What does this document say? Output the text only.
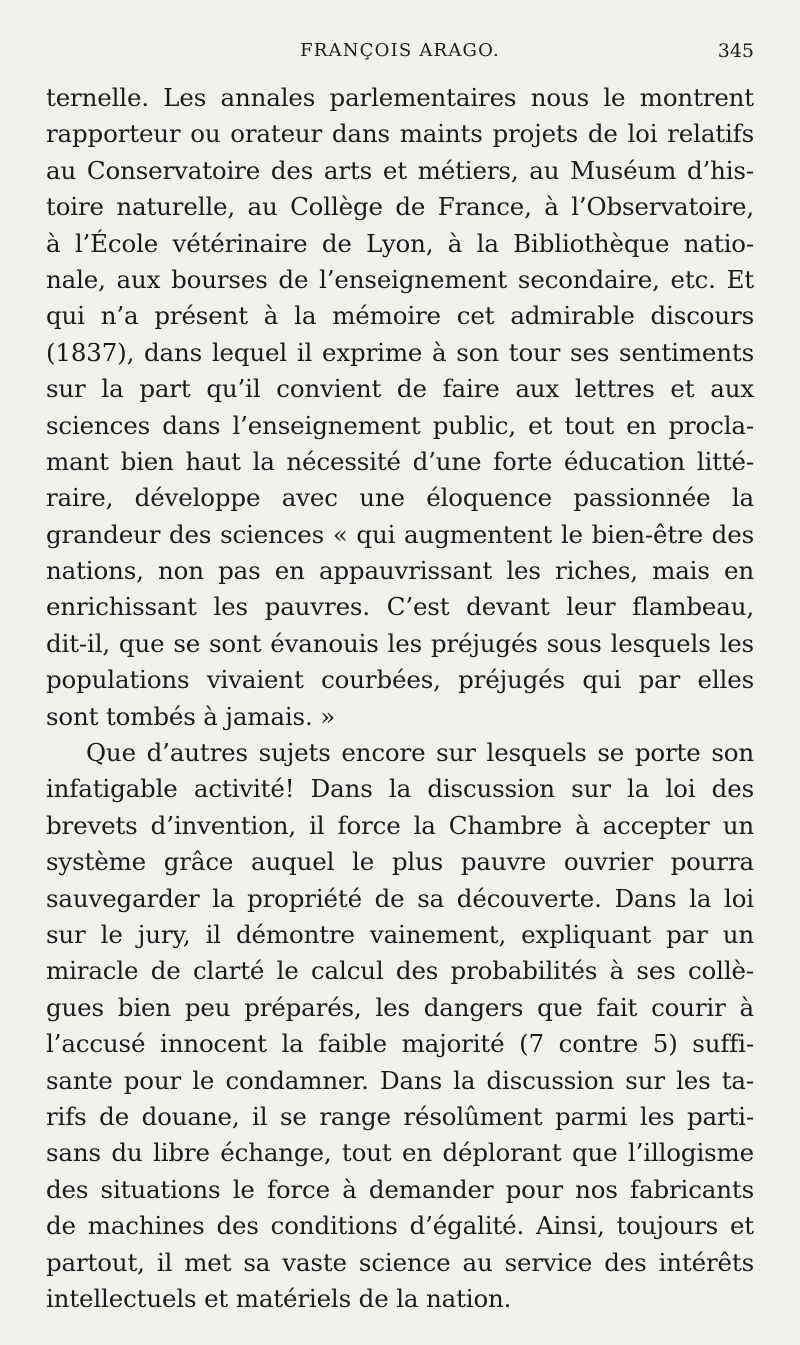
FRANÇOIS ARAGO.	345
ternelle. Les annales parlementaires nous le montrent
rapporteur ou orateur dans maints projets de loi relatifs
au Conservatoire des arts et métiers, au Muséum d’his-
toire naturelle, au Collège de France, à l’Observatoire,
à l’École vétérinaire de Lyon, à la Bibliothèque natio-
nale, aux bourses de l’enseignement secondaire, etc. Et
qui n’a présent à la mémoire cet admirable discours
(1837), dans lequel il exprime à son tour ses sentiments
sur la part qu’il convient de faire aux lettres et aux
sciences dans l’enseignement public, et tout en procla-
mant bien haut la nécessité d’une forte éducation litté-
raire, développe avec une éloquence passionnée la
grandeur des sciences « qui augmentent le bien-être des
nations, non pas en appauvrissant les riches, mais en
enrichissant les pauvres. C’est devant leur flambeau,
dit-il, que se sont évanouis les préjugés sous lesquels les
populations vivaient courbées, préjugés qui par elles
sont tombés à jamais. »
Que d’autres sujets encore sur lesquels se porte son
infatigable activité! Dans la discussion sur la loi des
brevets d’invention, il force la Chambre à accepter un
système grâce auquel le plus pauvre ouvrier pourra
sauvegarder la propriété de sa découverte. Dans la loi
sur le jury, il démontre vainement, expliquant par un
miracle de clarté le calcul des probabilités à ses collè-
gues bien peu préparés, les dangers que fait courir à
l’accusé innocent la faible majorité (7 contre 5) suffi-
sante pour le condamner. Dans la discussion sur les ta-
rifs de douane, il se range résolûment parmi les parti-
sans du libre échange, tout en déplorant que l’illogisme
des situations le force à demander pour nos fabricants
de machines des conditions d’égalité. Ainsi, toujours et
partout, il met sa vaste science au service des intérêts
intellectuels et matériels de la nation.
